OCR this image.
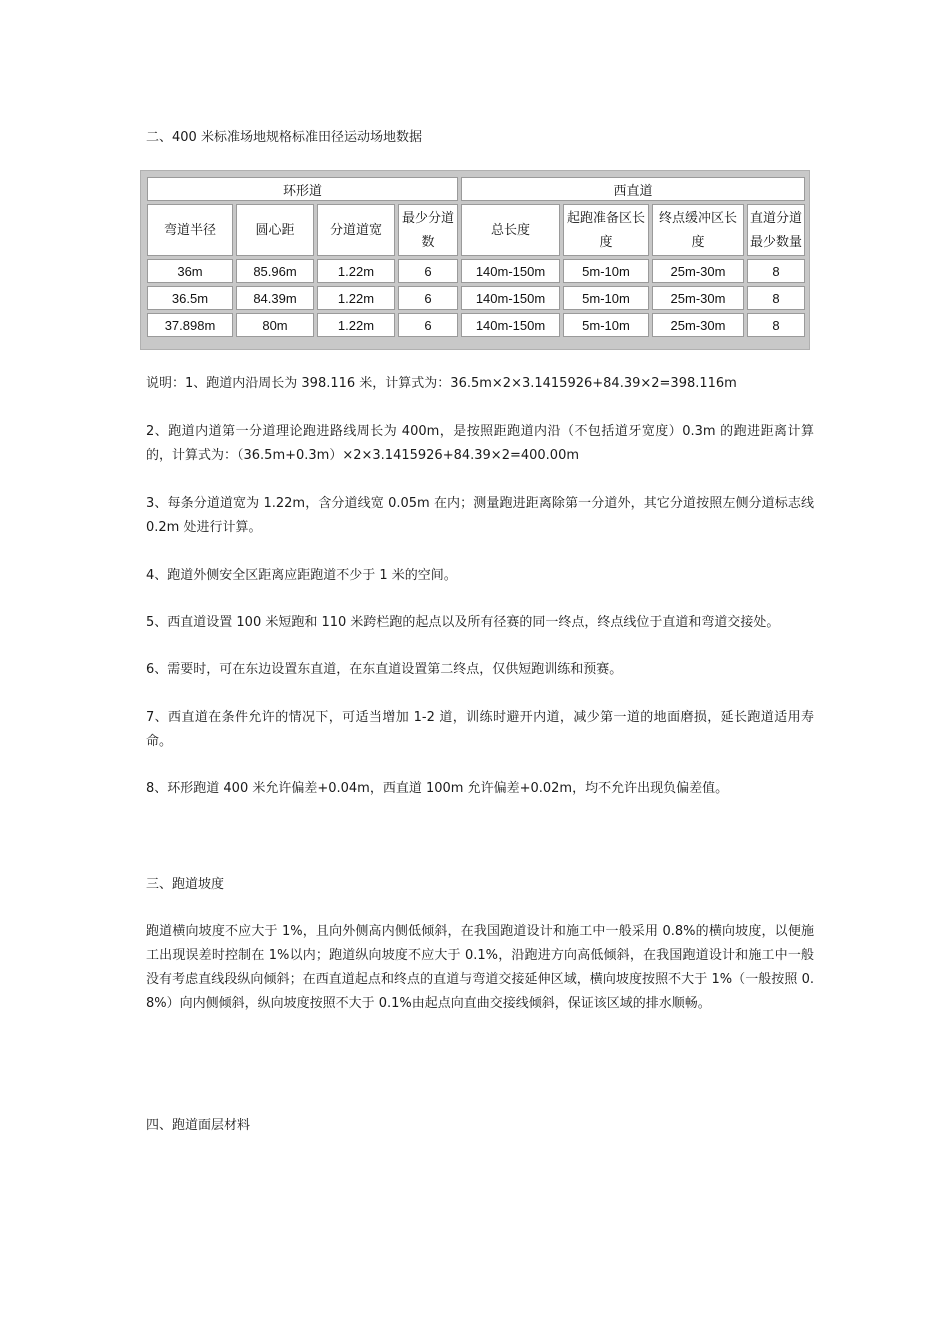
二、400 米标准场地规格标准田径运动场地数据
环形道				西直道			
弯道半径	圆心距	分道道宽	最少分道数	总长度	起跑准备区长度	终点缓冲区长度	直道分道最少数量
36m	85.96m	1.22m	6	140m-150m	5m-10m	25m-30m	8
36.5m	84.39m	1.22m	6	140m-150m	5m-10m	25m-30m	8
37.898m	80m	1.22m	6	140m-150m	5m-10m	25m-30m	8
说明：1、跑道内沿周长为 398.116 米，计算式为：36.5m×2×3.1415926+84.39×2=398.116m
2、跑道内道第一分道理论跑进路线周长为 400m，是按照距跑道内沿（不包括道牙宽度）0.3m 的跑进距离计算的，计算式为：（36.5m+0.3m）×2×3.1415926+84.39×2=400.00m
3、每条分道道宽为 1.22m，含分道线宽 0.05m 在内；测量跑进距离除第一分道外，其它分道按照左侧分道标志线 0.2m 处进行计算。
4、跑道外侧安全区距离应距跑道不少于 1 米的空间。
5、西直道设置 100 米短跑和 110 米跨栏跑的起点以及所有径赛的同一终点，终点线位于直道和弯道交接处。
6、需要时，可在东边设置东直道，在东直道设置第二终点，仅供短跑训练和预赛。
7、西直道在条件允许的情况下，可适当增加 1-2 道，训练时避开内道，减少第一道的地面磨损，延长跑道适用寿命。
8、环形跑道 400 米允许偏差+0.04m，西直道 100m 允许偏差+0.02m，均不允许出现负偏差值。
三、跑道坡度
跑道横向坡度不应大于 1%，且向外侧高内侧低倾斜，在我国跑道设计和施工中一般采用 0.8%的横向坡度，以便施工出现误差时控制在 1%以内；跑道纵向坡度不应大于 0.1%，沿跑进方向高低倾斜，在我国跑道设计和施工中一般没有考虑直线段纵向倾斜；在西直道起点和终点的直道与弯道交接延伸区域，横向坡度按照不大于 1%（一般按照 0.8%）向内侧倾斜，纵向坡度按照不大于 0.1%由起点向直曲交接线倾斜，保证该区域的排水顺畅。
四、跑道面层材料
